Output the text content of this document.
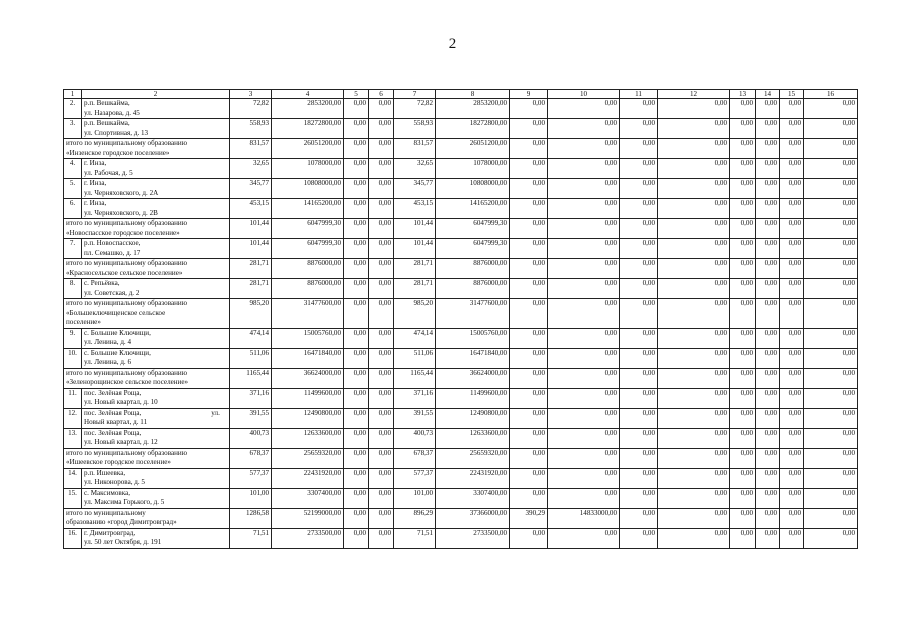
2
1	2	3	4	5	6	7	8	9	10	11	12	13	14	15	16
2.	р.п. Вешкайма,
ул. Назарова, д. 45	72,82	2853200,00	0,00	0,00	72,82	2853200,00	0,00	0,00	0,00	0,00	0,00	0,00	0,00	0,00
3.	р.п. Вешкайма,
ул. Спортивная, д. 13	558,93	18272800,00	0,00	0,00	558,93	18272800,00	0,00	0,00	0,00	0,00	0,00	0,00	0,00	0,00
итого по муниципальному образованию
«Инзенское городское поселение»		831,57	26051200,00	0,00	0,00	831,57	26051200,00	0,00	0,00	0,00	0,00	0,00	0,00	0,00	0,00
4.	г. Инза,
ул. Рабочая, д. 5	32,65	1078000,00	0,00	0,00	32,65	1078000,00	0,00	0,00	0,00	0,00	0,00	0,00	0,00	0,00
5.	г. Инза,
ул. Черняховского, д. 2А	345,77	10808000,00	0,00	0,00	345,77	10808000,00	0,00	0,00	0,00	0,00	0,00	0,00	0,00	0,00
6.	г. Инза,
ул. Черняховского, д. 2В	453,15	14165200,00	0,00	0,00	453,15	14165200,00	0,00	0,00	0,00	0,00	0,00	0,00	0,00	0,00
итого по муниципальному образованию
«Новоспасское городское поселение»		101,44	6047999,30	0,00	0,00	101,44	6047999,30	0,00	0,00	0,00	0,00	0,00	0,00	0,00	0,00
7.	р.п. Новоспасское,
пл. Семашко, д. 17	101,44	6047999,30	0,00	0,00	101,44	6047999,30	0,00	0,00	0,00	0,00	0,00	0,00	0,00	0,00
итого по муниципальному образованию
«Красносельское сельское поселение»		281,71	8876000,00	0,00	0,00	281,71	8876000,00	0,00	0,00	0,00	0,00	0,00	0,00	0,00	0,00
8.	с. Репьёвка,
ул. Советская, д. 2	281,71	8876000,00	0,00	0,00	281,71	8876000,00	0,00	0,00	0,00	0,00	0,00	0,00	0,00	0,00
итого по муниципальному образованию
«Большеключищенское сельское
поселение»		985,20	31477600,00	0,00	0,00	985,20	31477600,00	0,00	0,00	0,00	0,00	0,00	0,00	0,00	0,00
9.	с. Большие Ключищи,
ул. Ленина, д. 4	474,14	15005760,00	0,00	0,00	474,14	15005760,00	0,00	0,00	0,00	0,00	0,00	0,00	0,00	0,00
10.	с. Большие Ключищи,
ул. Ленина, д. 6	511,06	16471840,00	0,00	0,00	511,06	16471840,00	0,00	0,00	0,00	0,00	0,00	0,00	0,00	0,00
итого по муниципальному образованию
«Зеленорощинское сельское поселение»		1165,44	36624000,00	0,00	0,00	1165,44	36624000,00	0,00	0,00	0,00	0,00	0,00	0,00	0,00	0,00
11.	пос. Зелёная Роща,
ул. Новый квартал, д. 10	371,16	11499600,00	0,00	0,00	371,16	11499600,00	0,00	0,00	0,00	0,00	0,00	0,00	0,00	0,00
12.	пос. Зелёная Роща, ул.
Новый квартал, д. 11	391,55	12490800,00	0,00	0,00	391,55	12490800,00	0,00	0,00	0,00	0,00	0,00	0,00	0,00	0,00
13.	пос. Зелёная Роща,
ул. Новый квартал, д. 12	400,73	12633600,00	0,00	0,00	400,73	12633600,00	0,00	0,00	0,00	0,00	0,00	0,00	0,00	0,00
итого по муниципальному образованию
«Ишеевское городское поселение»		678,37	25659320,00	0,00	0,00	678,37	25659320,00	0,00	0,00	0,00	0,00	0,00	0,00	0,00	0,00
14.	р.п. Ишеевка,
ул. Никонорова, д. 5	577,37	22431920,00	0,00	0,00	577,37	22431920,00	0,00	0,00	0,00	0,00	0,00	0,00	0,00	0,00
15.	с. Максимовка,
ул. Максима Горького, д. 5	101,00	3307400,00	0,00	0,00	101,00	3307400,00	0,00	0,00	0,00	0,00	0,00	0,00	0,00	0,00
итого по муниципальному
образованию «город Димитровград»		1286,58	52199000,00	0,00	0,00	896,29	37366000,00	390,29	14833000,00	0,00	0,00	0,00	0,00	0,00	0,00
16.	г. Димитровград,
ул. 50 лет Октября, д. 191	71,51	2733500,00	0,00	0,00	71,51	2733500,00	0,00	0,00	0,00	0,00	0,00	0,00	0,00	0,00
